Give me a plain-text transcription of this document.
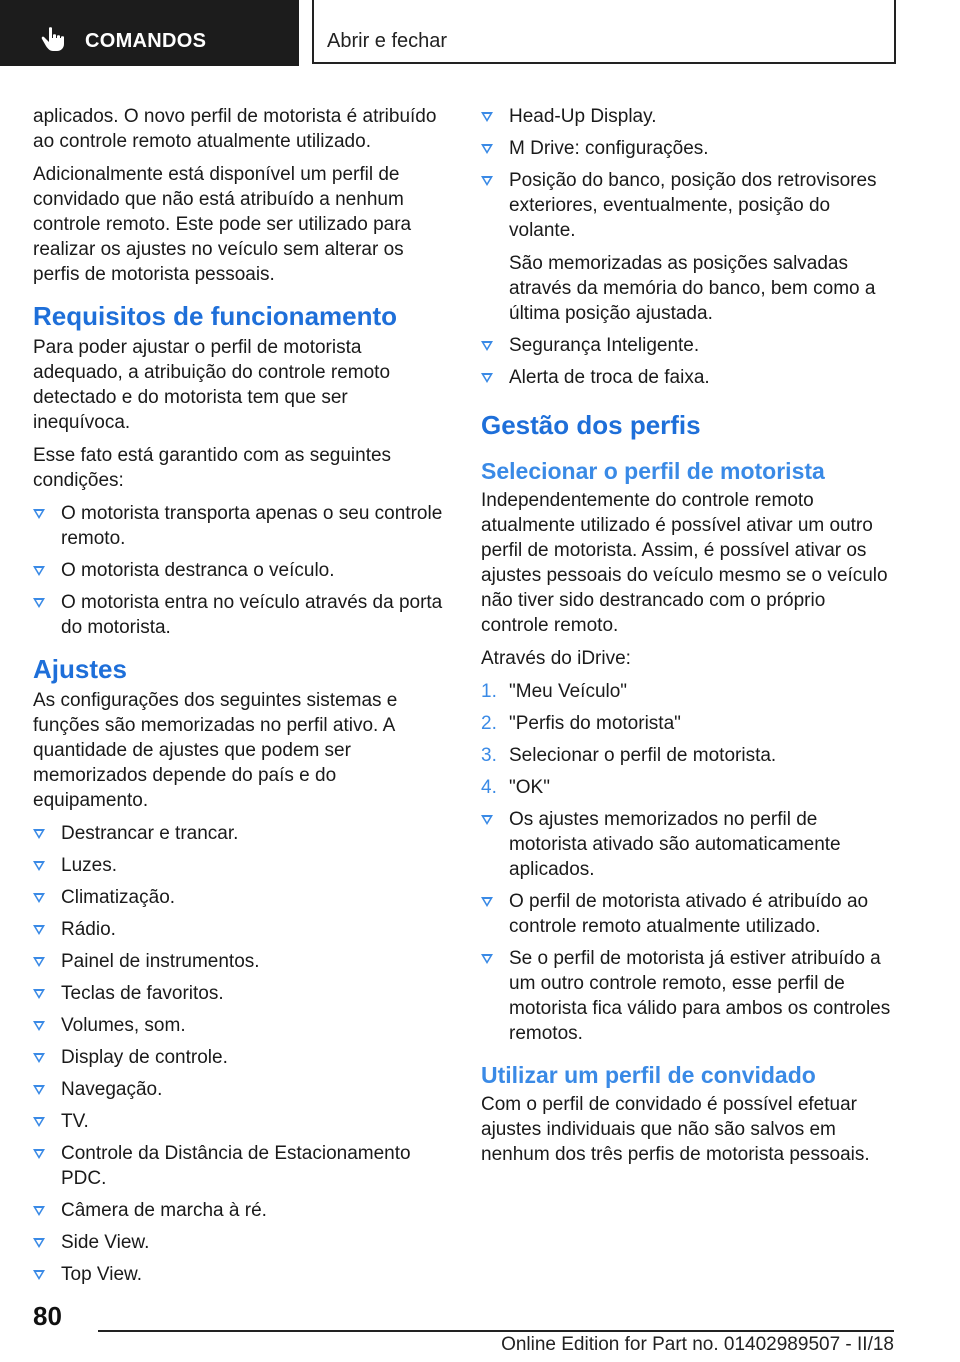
COMANDOS	Abrir e fechar

aplicados. O novo perfil de motorista é atribuído ao controle remoto atualmente utilizado.

Adicionalmente está disponível um perfil de convidado que não está atribuído a nenhum controle remoto. Este pode ser utilizado para realizar os ajustes no veículo sem alterar os perfis de motorista pessoais.

Requisitos de funcionamento

Para poder ajustar o perfil de motorista adequado, a atribuição do controle remoto detectado e do motorista tem que ser inequívoca.

Esse fato está garantido com as seguintes condições:

O motorista transporta apenas o seu controle remoto.
O motorista destranca o veículo.
O motorista entra no veículo através da porta do motorista.
Ajustes

As configurações dos seguintes sistemas e funções são memorizadas no perfil ativo. A quantidade de ajustes que podem ser memorizados depende do país e do equipamento.

Destrancar e trancar.
Luzes.
Climatização.
Rádio.
Painel de instrumentos.
Teclas de favoritos.
Volumes, som.
Display de controle.
Navegação.
TV.
Controle da Distância de Estacionamento PDC.
Câmera de marcha à ré.
Side View.
Top View.
Head-Up Display.
M Drive: configurações.
Posição do banco, posição dos retrovisores exteriores, eventualmente, posição do volante.
São memorizadas as posições salvadas através da memória do banco, bem como a última posição ajustada.
Segurança Inteligente.
Alerta de troca de faixa.
Gestão dos perfis
Selecionar o perfil de motorista

Independentemente do controle remoto atualmente utilizado é possível ativar um outro perfil de motorista. Assim, é possível ativar os ajustes pessoais do veículo mesmo se o veículo não tiver sido destrancado com o próprio controle remoto.

Através do iDrive:

1. "Meu Veículo"
2. "Perfis do motorista"
3. Selecionar o perfil de motorista.
4. "OK"
Os ajustes memorizados no perfil de motorista ativado são automaticamente aplicados.
O perfil de motorista ativado é atribuído ao controle remoto atualmente utilizado.
Se o perfil de motorista já estiver atribuído a um outro controle remoto, esse perfil de motorista fica válido para ambos os controles remotos.
Utilizar um perfil de convidado

Com o perfil de convidado é possível efetuar ajustes individuais que não são salvos em nenhum dos três perfis de motorista pessoais.

80
Online Edition for Part no. 01402989507 - II/18
